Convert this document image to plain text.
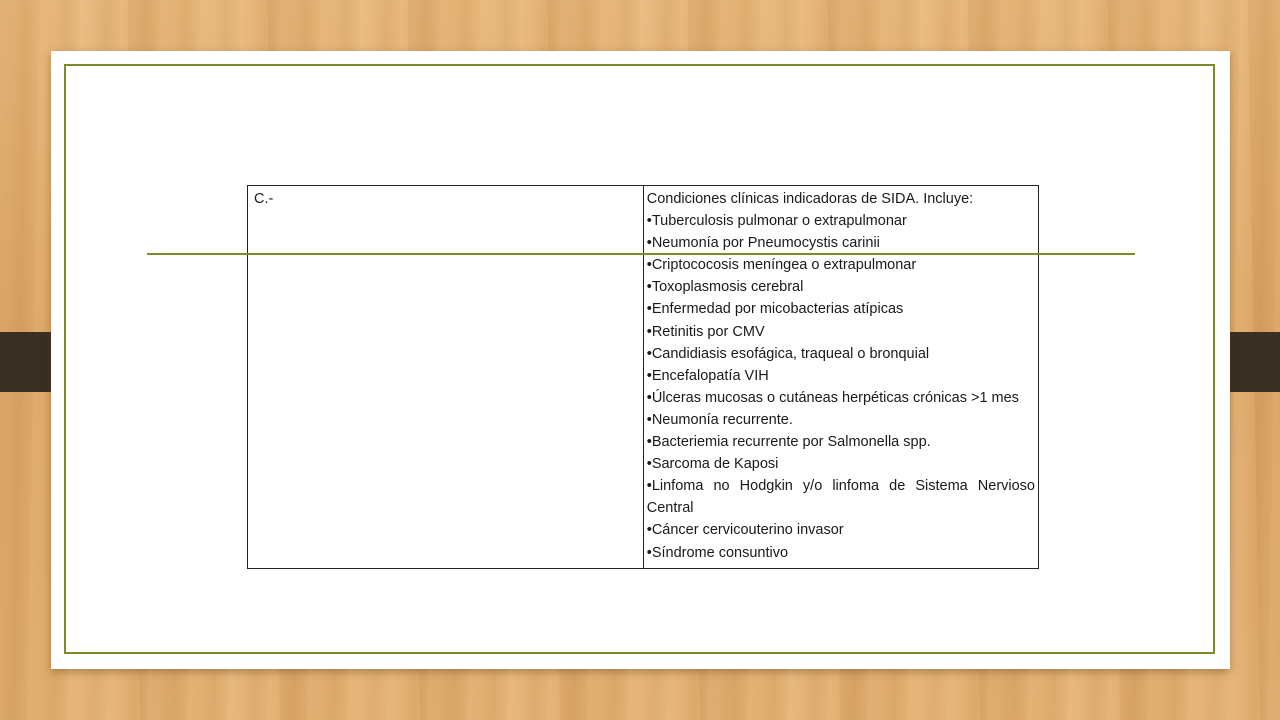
C.-	Condiciones clínicas indicadoras de SIDA. Incluye:
•Tuberculosis pulmonar o extrapulmonar
•Neumonía por Pneumocystis carinii
•Criptococosis meníngea o extrapulmonar
•Toxoplasmosis cerebral
•Enfermedad por micobacterias atípicas
•Retinitis por CMV
•Candidiasis esofágica, traqueal o bronquial
•Encefalopatía VIH
•Úlceras mucosas o cutáneas herpéticas crónicas >1 mes
•Neumonía recurrente.
•Bacteriemia recurrente por Salmonella spp.
•Sarcoma de Kaposi
•Linfoma no Hodgkin y/o linfoma de Sistema Nervioso Central
•Cáncer cervicouterino invasor
•Síndrome consuntivo
